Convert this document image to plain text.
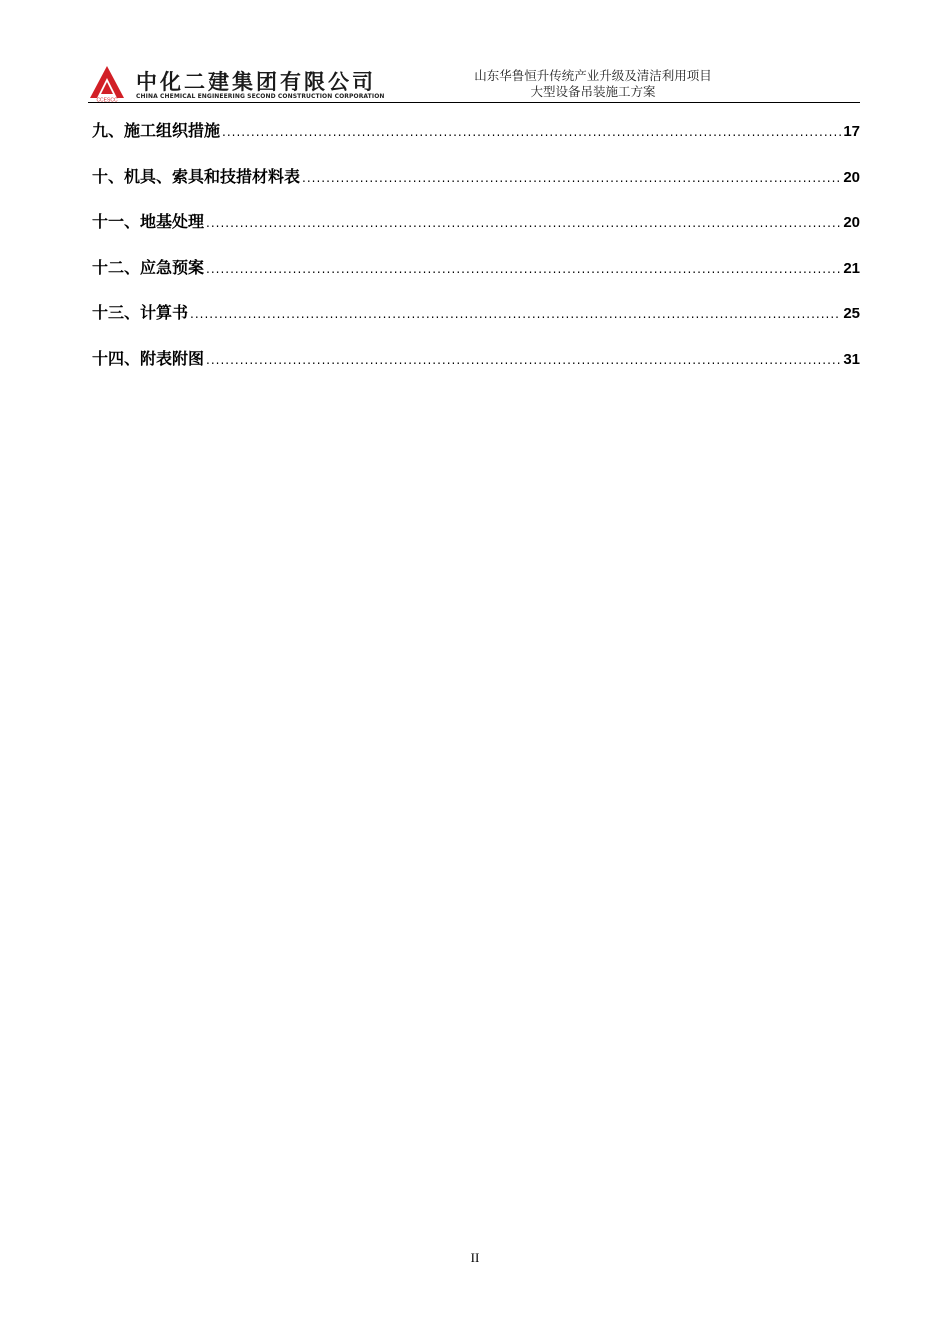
CCESCC
中化二建集团有限公司
CHINA CHEMICAL ENGINEERING SECOND CONSTRUCTION CORPORATION
山东华鲁恒升传统产业升级及清洁利用项目
大型设备吊装施工方案
九、施工组织措施 .....	17
十、机具、索具和技措材料表 .....	20
十一、地基处理 .....	20
十二、应急预案 .....	21
十三、计算书 .....	25
十四、附表附图 .....	31
II
